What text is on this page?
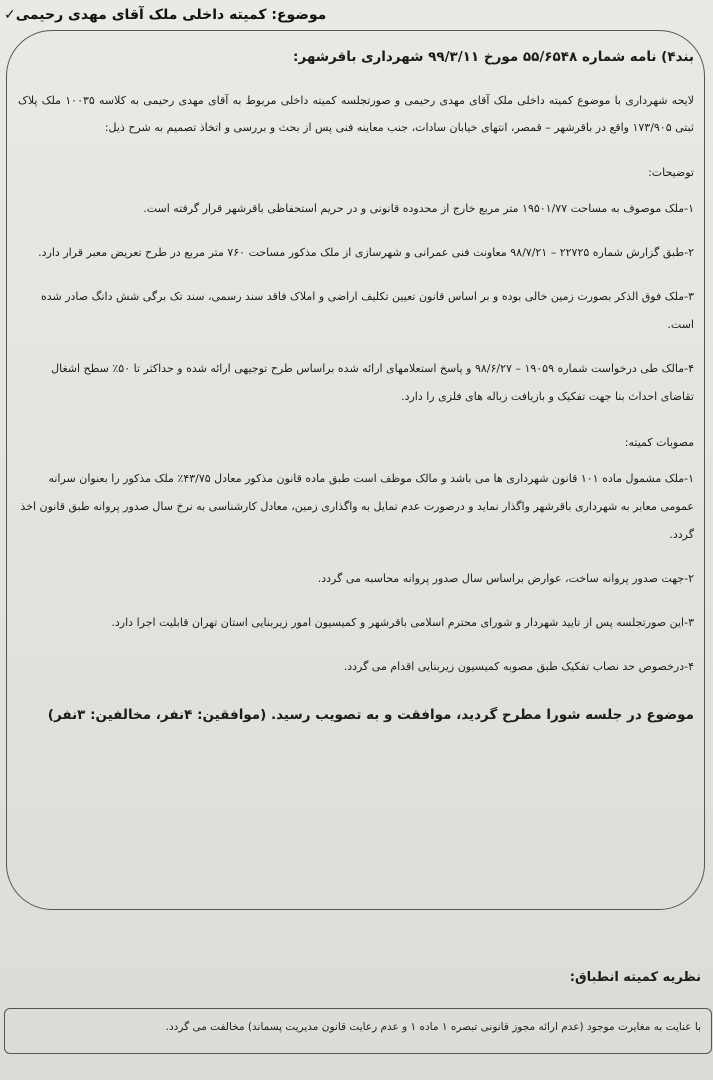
موضوع: کمیته داخلی ملک آقای مهدی رحیمی
✓

بند۴) نامه شماره ۵۵/۶۵۴۸ مورخ ۹۹/۳/۱۱ شهرداری باقرشهر:

لایحه شهرداری با موضوع کمیته داخلی ملک آقای مهدی رحیمی و صورتجلسه کمیته داخلی مربوط به آقای مهدی رحیمی به کلاسه ۱۰۰۳۵ ملک پلاک ثبتی ۱۷۳/۹۰۵ واقع در باقرشهر – قمصر، انتهای خیابان سادات، جنب معاینه فنی پس از بحث و بررسی و اتخاذ تصمیم به شرح ذیل:

توضیحات:

۱-ملک موصوف به مساحت ۱۹۵۰۱/۷۷ متر مربع خارج از محدوده قانونی و در حریم استحفاظی باقرشهر قرار گرفته است.

۲-طبق گزارش شماره ۲۲۷۲۵ – ۹۸/۷/۲۱ معاونت فنی عمرانی و شهرسازی از ملک مذکور مساحت ۷۶۰ متر مربع در طرح تعریض معبر قرار دارد.

۳-ملک فوق الذکر بصورت زمین خالی بوده و بر اساس قانون تعیین تکلیف اراضی و املاک فاقد سند رسمی، سند تک برگی شش دانگ صادر شده است.

۴-مالک طی درخواست شماره ۱۹۰۵۹ – ۹۸/۶/۲۷ و پاسخ استعلامهای ارائه شده براساس طرح توجیهی ارائه شده و حداکثر تا ۵۰٪ سطح اشغال تقاضای احداث بنا جهت تفکیک و بازیافت زباله های فلزی را دارد.

مصوبات کمیته:

۱-ملک مشمول ماده ۱۰۱ قانون شهرداری ها می باشد و مالک موظف است طبق ماده قانون مذکور معادل ۴۳/۷۵٪ ملک مذکور را بعنوان سرانه عمومی معابر به شهرداری باقرشهر واگذار نماید و درصورت عدم تمایل به واگذاری زمین، معادل کارشناسی به نرخ سال صدور پروانه طبق قانون اخذ گردد.

۲-جهت صدور پروانه ساخت، عوارض براساس سال صدور پروانه محاسبه می گردد.

۳-این صورتجلسه پس از تایید شهردار و شورای محترم اسلامی باقرشهر و کمیسیون امور زیربنایی استان تهران قابلیت اجرا دارد.

۴-درخصوص حد نصاب تفکیک طبق مصوبه کمیسیون زیربنایی اقدام می گردد.

موضوع در جلسه شورا مطرح گردید، موافقت و به تصویب رسید. (موافقین: ۴نفر، مخالفین: ۳نفر)

نظریه کمیته انطباق:
با عنایت به مغایرت موجود (عدم ارائه مجوز قانونی تبصره ۱ ماده ۱ و عدم رعایت قانون مدیریت پسماند) مخالفت می گردد.
